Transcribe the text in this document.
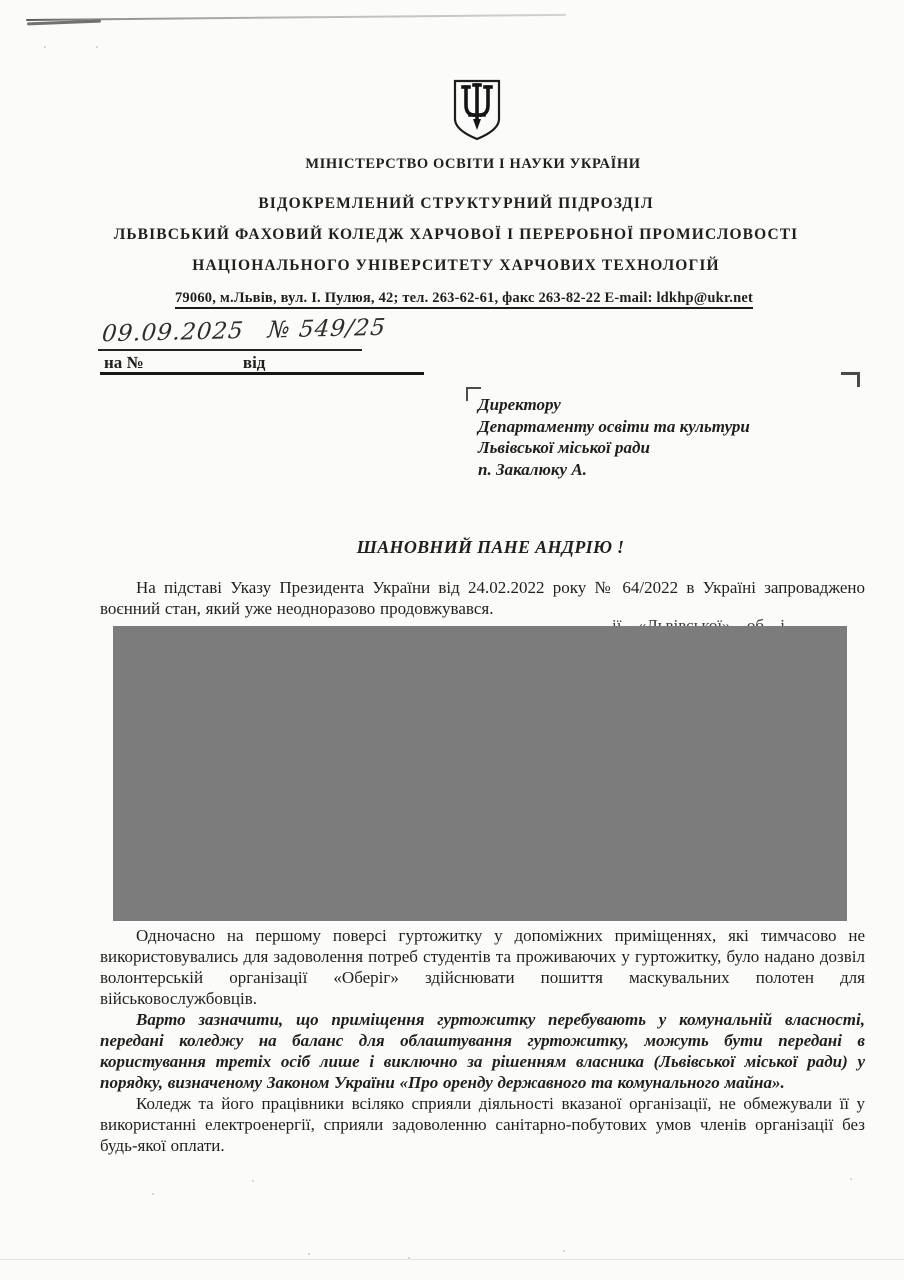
МІНІСТЕРСТВО ОСВІТИ І НАУКИ УКРАЇНИ
ВІДОКРЕМЛЕНИЙ СТРУКТУРНИЙ ПІДРОЗДІЛ
ЛЬВІВСЬКИЙ ФАХОВИЙ КОЛЕДЖ ХАРЧОВОЇ І ПЕРЕРОБНОЇ ПРОМИСЛОВОСТІ
НАЦІОНАЛЬНОГО УНІВЕРСИТЕТУ ХАРЧОВИХ ТЕХНОЛОГІЙ
79060, м.Львів, вул. І. Пулюя, 42; тел. 263-62-61, факс 263-82-22 E-mail: ldkhp@ukr.net
09.09.2025 № 549/25
на №	від
Директору
Департаменту освіти та культури
Львівської міської ради
п. Закалюку А.
ШАНОВНИЙ ПАНЕ АНДРІЮ !

На підставі Указу Президента України від 24.02.2022 року № 64/2022 в Україні запроваджено воєнний стан, який уже неодноразово продовжувався.

Одночасно на першому поверсі гуртожитку у допоміжних приміщеннях, які тимчасово не використовувались для задоволення потреб студентів та проживаючих у гуртожитку, було надано дозвіл волонтерській організації «Оберіг» здійснювати пошиття маскувальних полотен для військовослужбовців.

Варто зазначити, що приміщення гуртожитку перебувають у комунальній власності, передані коледжу на баланс для облаштування гуртожитку, можуть бути передані в користування третіх осіб лише і виключно за рішенням власника (Львівської міської ради) у порядку, визначеному Законом України «Про оренду державного та комунального майна».

Коледж та його працівники всіляко сприяли діяльності вказаної організації, не обмежували її у використанні електроенергії, сприяли задоволенню санітарно-побутових умов членів організації без будь-якої оплати.
